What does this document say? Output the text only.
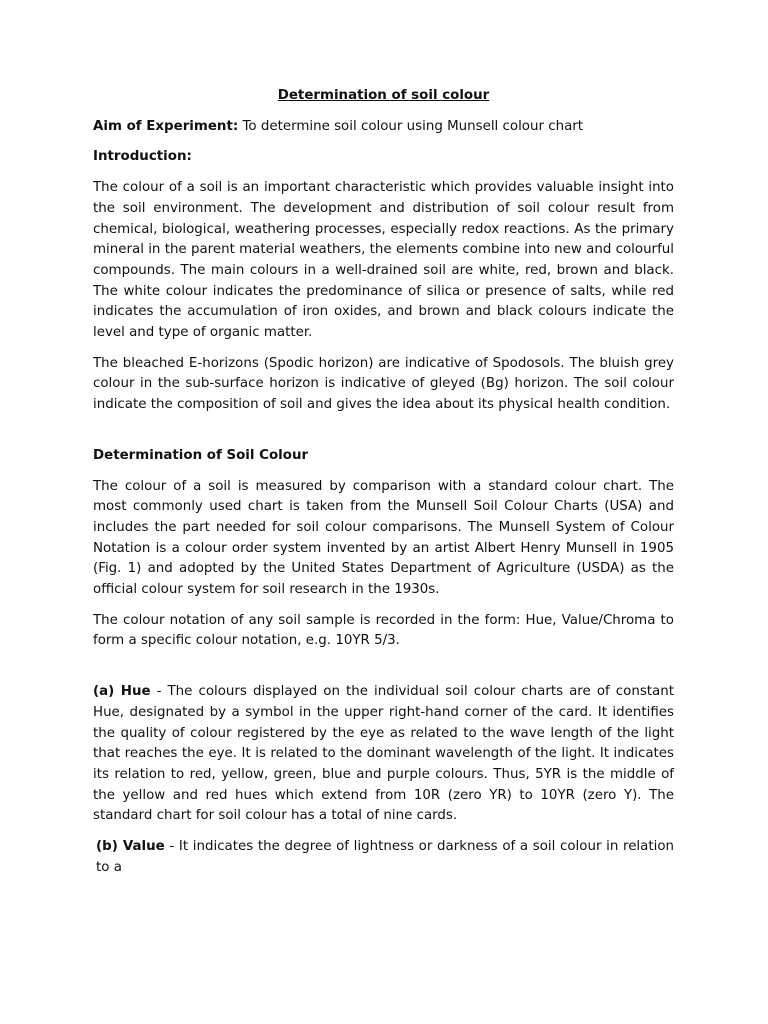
Determination of soil colour

Aim of Experiment: To determine soil colour using Munsell colour chart

Introduction:

The colour of a soil is an important characteristic which provides valuable insight into the soil environment. The development and distribution of soil colour result from chemical, biological, weathering processes, especially redox reactions. As the primary mineral in the parent material weathers, the elements combine into new and colourful compounds. The main colours in a well-drained soil are white, red, brown and black. The white colour indicates the predominance of silica or presence of salts, while red indicates the accumulation of iron oxides, and brown and black colours indicate the level and type of organic matter.

The bleached E-horizons (Spodic horizon) are indicative of Spodosols. The bluish grey colour in the sub-surface horizon is indicative of gleyed (Bg) horizon. The soil colour indicate the composition of soil and gives the idea about its physical health condition.

Determination of Soil Colour

The colour of a soil is measured by comparison with a standard colour chart. The most commonly used chart is taken from the Munsell Soil Colour Charts (USA) and includes the part needed for soil colour comparisons. The Munsell System of Colour Notation is a colour order system invented by an artist Albert Henry Munsell in 1905 (Fig. 1) and adopted by the United States Department of Agriculture (USDA) as the official colour system for soil research in the 1930s.

The colour notation of any soil sample is recorded in the form: Hue, Value/Chroma to form a specific colour notation, e.g. 10YR 5/3.

(a) Hue - The colours displayed on the individual soil colour charts are of constant Hue, designated by a symbol in the upper right-hand corner of the card. It identifies the quality of colour registered by the eye as related to the wave length of the light that reaches the eye. It is related to the dominant wavelength of the light. It indicates its relation to red, yellow, green, blue and purple colours. Thus, 5YR is the middle of the yellow and red hues which extend from 10R (zero YR) to 10YR (zero Y). The standard chart for soil colour has a total of nine cards.

(b) Value - It indicates the degree of lightness or darkness of a soil colour in relation to a
